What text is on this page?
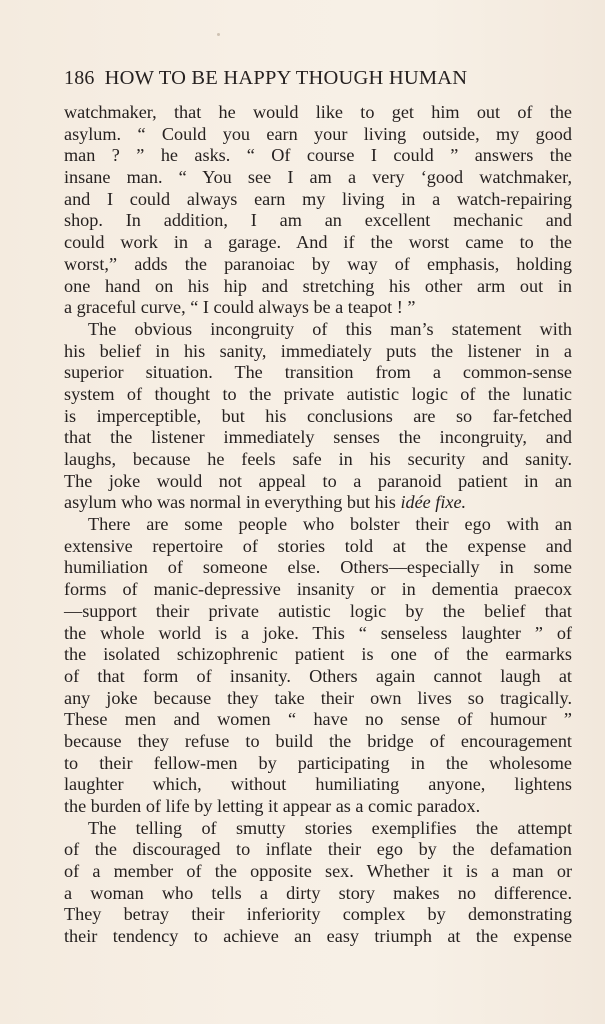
186 HOW TO BE HAPPY THOUGH HUMAN
watchmaker, that he would like to get him out of the
asylum. “ Could you earn your living outside, my good
man ? ” he asks. “ Of course I could ” answers the
insane man. “ You see I am a very ‘good watchmaker,
and I could always earn my living in a watch-repairing
shop. In addition, I am an excellent mechanic and
could work in a garage. And if the worst came to the
worst,” adds the paranoiac by way of emphasis, holding
one hand on his hip and stretching his other arm out in
a graceful curve, “ I could always be a teapot ! ”
The obvious incongruity of this man’s statement with
his belief in his sanity, immediately puts the listener in a
superior situation. The transition from a common-sense
system of thought to the private autistic logic of the lunatic
is imperceptible, but his conclusions are so far-fetched
that the listener immediately senses the incongruity, and
laughs, because he feels safe in his security and sanity.
The joke would not appeal to a paranoid patient in an
asylum who was normal in everything but his idée fixe.
There are some people who bolster their ego with an
extensive repertoire of stories told at the expense and
humiliation of someone else. Others—especially in some
forms of manic-depressive insanity or in dementia praecox
—support their private autistic logic by the belief that
the whole world is a joke. This “ senseless laughter ” of
the isolated schizophrenic patient is one of the earmarks
of that form of insanity. Others again cannot laugh at
any joke because they take their own lives so tragically.
These men and women “ have no sense of humour ”
because they refuse to build the bridge of encouragement
to their fellow-men by participating in the wholesome
laughter which, without humiliating anyone, lightens
the burden of life by letting it appear as a comic paradox.
The telling of smutty stories exemplifies the attempt
of the discouraged to inflate their ego by the defamation
of a member of the opposite sex. Whether it is a man or
a woman who tells a dirty story makes no difference.
They betray their inferiority complex by demonstrating
their tendency to achieve an easy triumph at the expense
